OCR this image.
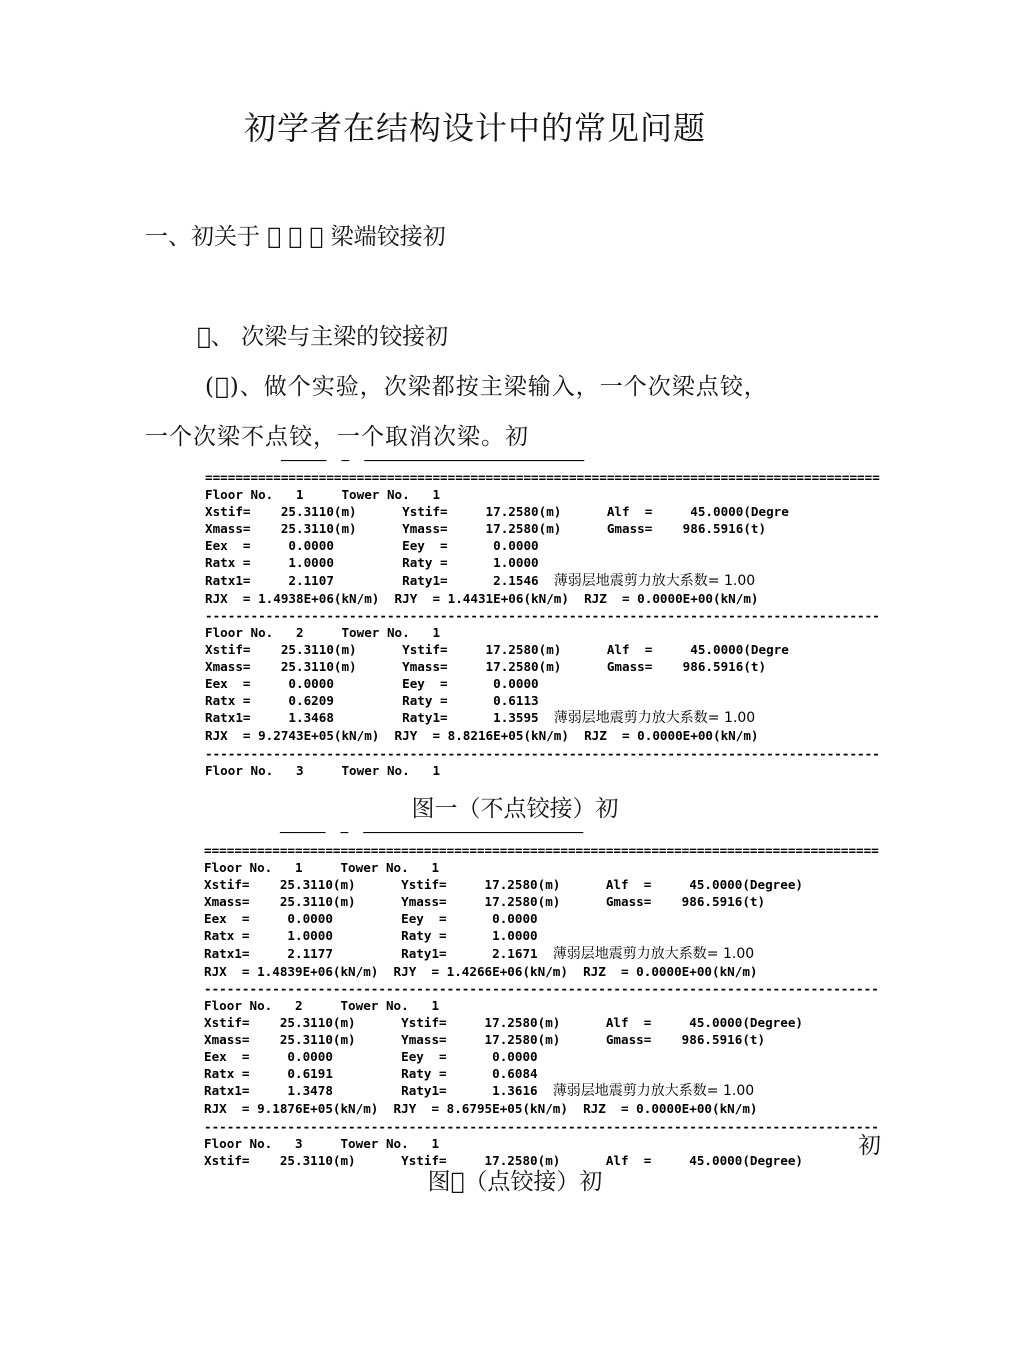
初学者在结构设计中的常见问题
一、初关于       梁端铰接初
 、 次梁与主梁的铰接初
( )、做个实验，次梁都按主梁输入，一个次梁点铰，
一个次梁不点铰，一个取消次梁。初
──────  ─  ─────────────────────────────
=========================================================================================
Floor No.   1     Tower No.   1
Xstif=    25.3110(m)      Ystif=     17.2580(m)      Alf  =     45.0000(Degre
Xmass=    25.3110(m)      Ymass=     17.2580(m)      Gmass=    986.5916(t)
Eex  =     0.0000         Eey  =      0.0000
Ratx =     1.0000         Raty =      1.0000
Ratx1=     2.1107         Raty1=      2.1546  薄弱层地震剪力放大系数= 1.00
RJX  = 1.4938E+06(kN/m)  RJY  = 1.4431E+06(kN/m)  RJZ  = 0.0000E+00(kN/m)
-----------------------------------------------------------------------------------------
Floor No.   2     Tower No.   1
Xstif=    25.3110(m)      Ystif=     17.2580(m)      Alf  =     45.0000(Degre
Xmass=    25.3110(m)      Ymass=     17.2580(m)      Gmass=    986.5916(t)
Eex  =     0.0000         Eey  =      0.0000
Ratx =     0.6209         Raty =      0.6113
Ratx1=     1.3468         Raty1=      1.3595  薄弱层地震剪力放大系数= 1.00
RJX  = 9.2743E+05(kN/m)  RJY  = 8.8216E+05(kN/m)  RJZ  = 0.0000E+00(kN/m)
-----------------------------------------------------------------------------------------
Floor No.   3     Tower No.   1
图一（不点铰接）初
──────  ─  ─────────────────────────────
=========================================================================================
Floor No.   1     Tower No.   1
Xstif=    25.3110(m)      Ystif=     17.2580(m)      Alf  =     45.0000(Degree)
Xmass=    25.3110(m)      Ymass=     17.2580(m)      Gmass=    986.5916(t)
Eex  =     0.0000         Eey  =      0.0000
Ratx =     1.0000         Raty =      1.0000
Ratx1=     2.1177         Raty1=      2.1671  薄弱层地震剪力放大系数= 1.00
RJX  = 1.4839E+06(kN/m)  RJY  = 1.4266E+06(kN/m)  RJZ  = 0.0000E+00(kN/m)
-----------------------------------------------------------------------------------------
Floor No.   2     Tower No.   1
Xstif=    25.3110(m)      Ystif=     17.2580(m)      Alf  =     45.0000(Degree)
Xmass=    25.3110(m)      Ymass=     17.2580(m)      Gmass=    986.5916(t)
Eex  =     0.0000         Eey  =      0.0000
Ratx =     0.6191         Raty =      0.6084
Ratx1=     1.3478         Raty1=      1.3616  薄弱层地震剪力放大系数= 1.00
RJX  = 9.1876E+05(kN/m)  RJY  = 8.6795E+05(kN/m)  RJZ  = 0.0000E+00(kN/m)
-----------------------------------------------------------------------------------------
Floor No.   3     Tower No.   1
Xstif=    25.3110(m)      Ystif=     17.2580(m)      Alf  =     45.0000(Degree)
初
图 （点铰接）初
